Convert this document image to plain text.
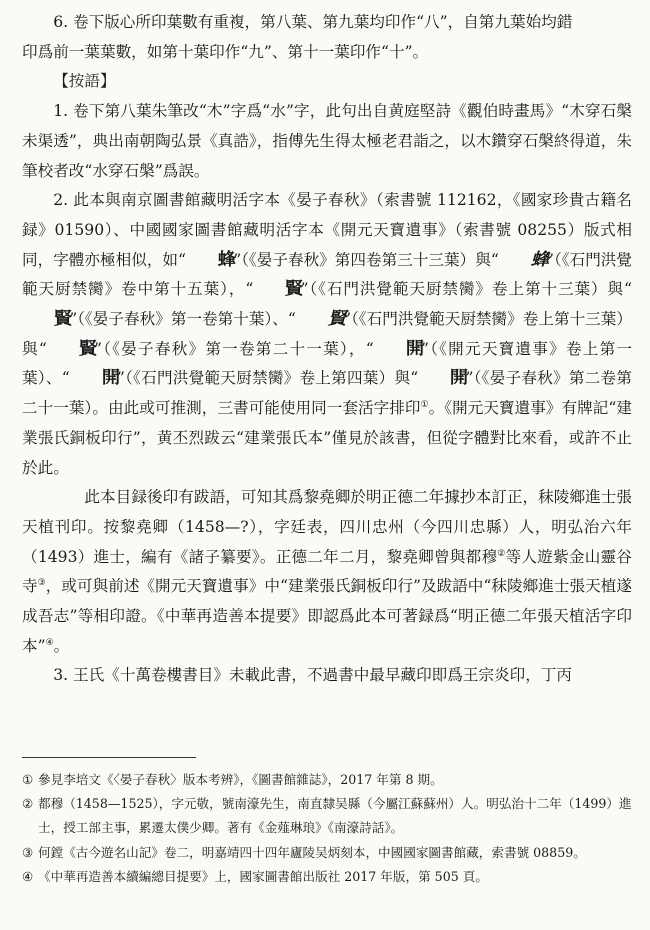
6. 卷下版心所印葉數有重複，第八葉、第九葉均印作“八”，自第九葉始均錯
印爲前一葉葉數，如第十葉印作“九”、第十一葉印作“十”。

【按語】

1. 卷下第八葉朱筆改“木”字爲“水”字，此句出自黄庭堅詩《觀伯時畫馬》“木穿石槃未渠透”，典出南朝陶弘景《真誥》，指傅先生得太極老君詣之，以木鑽穿石槃終得道，朱筆校者改“水穿石槃”爲誤。

2. 此本與南京圖書館藏明活字本《晏子春秋》（索書號 112162，《國家珍貴古籍名録》01590）、中國國家圖書館藏明活字本《開元天寶遺事》（索書號 08255）版式相同，字體亦極相似，如“ 蜂”（《晏子春秋》第四卷第三十三葉）與“ 蜂”（《石門洪覺範天厨禁臠》卷中第十五葉），“ 賢”（《石門洪覺範天厨禁臠》卷上第十三葉）與“賢”（《晏子春秋》第一卷第十葉）、“ 賢”（《石門洪覺範天厨禁臠》卷上第十三葉）與“ 賢”（《晏子春秋》第一卷第二十一葉），“ 開”（《開元天寶遺事》卷上第一葉）、“ 開”（《石門洪覺範天厨禁臠》卷上第四葉）與“ 開”（《晏子春秋》第二卷第二十一葉）。由此或可推測，三書可能使用同一套活字排印①。《開元天寶遺事》有牌記“建業張氏銅板印行”，黄丕烈跋云“建業張氏本”僅見於該書，但從字體對比來看，或許不止於此。

此本目録後印有跋語，可知其爲黎堯卿於明正德二年據抄本訂正，秣陵鄉進士張天植刊印。按黎堯卿（1458—?），字廷表，四川忠州（今四川忠縣）人，明弘治六年（1493）進士，編有《諸子纂要》。正德二年二月，黎堯卿曾與都穆②等人遊紫金山靈谷寺③，或可與前述《開元天寶遺事》中“建業張氏銅板印行”及跋語中“秣陵鄉進士張天植遂成吾志”等相印證。《中華再造善本提要》即認爲此本可著録爲“明正德二年張天植活字印本”④。

3. 王氏《十萬卷樓書目》未載此書，不過書中最早藏印即爲王宗炎印，丁丙

① 參見李培文《〈晏子春秋〉版本考辨》，《圖書館雜誌》，2017 年第 8 期。
② 都穆（1458—1525），字元敬，號南濠先生，南直隸吴縣（今屬江蘇蘇州）人。明弘治十二年（1499）進士，授工部主事，累遷太僕少卿。著有《金薤琳琅》《南濠詩話》。
③ 何鏜《古今遊名山記》卷二，明嘉靖四十四年廬陵吴炳刻本，中國國家圖書館藏，索書號 08859。
④ 《中華再造善本續編總目提要》上，國家圖書館出版社 2017 年版，第 505 頁。
